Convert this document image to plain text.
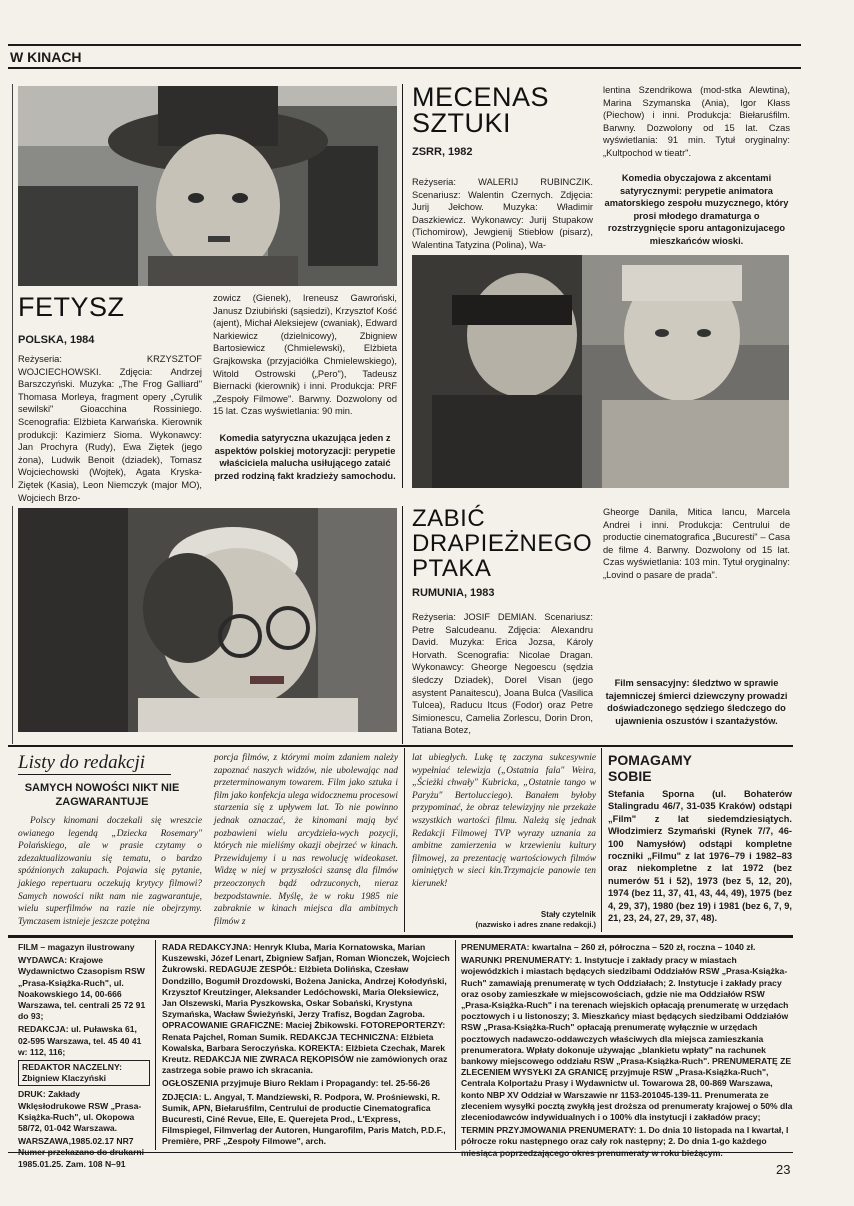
W KINACH
MECENAS
SZTUKI
ZSRR, 1982
Reżyseria: WALERIJ RUBINCZIK. Scenariusz: Walentin Czernych. Zdjęcia: Jurij Jełchow. Muzyka: Władimir Daszkiewicz. Wykonawcy: Jurij Stupakow (Tichomirow), Jewgienij Stiebłow (pisarz), Walentina Tatyzina (Polina), Wa-
lentina Szendrikowa (mod-stka Alewtina), Marina Szymanska (Ania), Igor Kłass (Piechow) i inni. Produkcja: Biełaruśfilm. Barwny. Dozwolony od 15 lat. Czas wyświetlania: 91 min. Tytuł oryginalny: „Kultpochod w tieatr".
Komedia obyczajowa z akcentami satyrycznymi: perypetie animatora amatorskiego zespołu muzycznego, który prosi młodego dramaturga o rozstrzygnięcie sporu antagonizujacego mieszkańców wioski.
FETYSZ
POLSKA, 1984
Reżyseria: KRZYSZTOF WOJCIECHOWSKI. Zdjęcia: Andrzej Barszczyński. Muzyka: „The Frog Galliard" Thomasa Morleya, fragment opery „Cyrulik sewilski" Gioacchina Rossiniego. Scenografia: Elżbieta Karwańska. Kierownik produkcji: Kazimierz Sioma. Wykonawcy: Jan Prochyra (Rudy), Ewa Ziętek (jego żona), Ludwik Benoit (dziadek), Tomasz Wojciechowski (Wojtek), Agata Kryska-Ziętek (Kasia), Leon Niemczyk (major MO), Wojciech Brzo-
zowicz (Gienek), Ireneusz Gawroński, Janusz Dziubiński (sąsiedzi), Krzysztof Kość (ajent), Michał Aleksiejew (cwaniak), Edward Narkiewicz (dzielnicowy), Zbigniew Bartosiewicz (Chmielewski), Elżbieta Grajkowska (przyjaciółka Chmielewskiego), Witold Ostrowski („Pero"), Tadeusz Biernacki (kierownik) i inni. Produkcja: PRF „Zespoły Filmowe". Barwny. Dozwolony od 15 lat. Czas wyświetlania: 90 min.
Komedia satyryczna ukazująca jeden z aspektów polskiej motoryzacji: perypetie właściciela malucha usiłującego zataić przed rodziną fakt kradzieży samochodu.
ZABIĆ
DRAPIEŻNEGO
PTAKA
RUMUNIA, 1983
Reżyseria: JOSIF DEMIAN. Scenariusz: Petre Salcudeanu. Zdjęcia: Alexandru David. Muzyka: Erica Jozsa, Károly Horvath. Scenografia: Nicolae Dragan. Wykonawcy: Gheorge Negoescu (sędzia śledczy Dziadek), Dorel Visan (jego asystent Panaitescu), Joana Bulca (Vasilica Tulcea), Raducu Itcus (Fodor) oraz Petre Simionescu, Camelia Zorlescu, Dorin Dron, Tatiana Botez,
Gheorge Danila, Mitica Iancu, Marcela Andrei i inni. Produkcja: Centrului de productie cinematografica „Bucuresti" – Casa de filme 4. Barwny. Dozwolony od 15 lat. Czas wyświetlania: 103 min. Tytuł oryginalny: „Lovind o pasare de prada".
Film sensacyjny: śledztwo w sprawie tajemniczej śmierci dziewczyny prowadzi doświadczonego sędziego śledczego do ujawnienia oszustów i szantażystów.
Listy do redakcji
SAMYCH NOWOŚCI NIKT NIE ZAGWARANTUJE
Polscy kinomani doczekali się wreszcie owianego legendą „Dziecka Rosemary" Polańskiego, ale w prasie czytamy o zdezaktualizowaniu się tematu, o bardzo spóźnionych zakupach. Pojawia się pytanie, jakiego repertuaru oczekują krytycy filmowi? Samych nowości nikt nam nie zagwarantuje, wielu superfilmów na razie nie obejrzymy. Tymczasem istnieje jeszcze potężna
porcja filmów, z którymi moim zdaniem należy zapoznać naszych widzów, nie ubolewając nad przeterminowanym towarem. Film jako sztuka i film jako konfekcja ulega widocznemu procesowi starzenia się z upływem lat. To nie powinno jednak oznaczać, że kinomani mają być pozbawieni wielu arcydzieła-wych pozycji, których nie mieliśmy okazji obejrzeć w kinach. Przewidujemy i u nas rewolucję wideokaset. Widzę w niej w przyszłości szansę dla filmów przeoczonych bądź odrzuconych, nieraz bezpodstawnie. Myślę, że w roku 1985 nie zabraknie w kinach miejsca dla ambitnych filmów z
lat ubiegłych. Lukę tę zaczyna sukcesywnie wypełniać telewizja („Ostatnia fala" Weira, „Ścieżki chwały" Kubricka, „Ostatnie tango w Paryżu" Bertolucciego). Banałem byłoby przypominać, że obraz telewizyjny nie przekaże wszystkich wartości filmu. Należą się jednak Redakcji Filmowej TVP wyrazy uznania za ambitne zamierzenia w krzewieniu kultury filmowej, za prezentację wartościowych filmów ominiętych w sieci kin.Trzymajcie panowie ten kierunek!
Stały czytelnik
(nazwisko i adres znane redakcji.)
POMAGAMY
SOBIE
Stefania Sporna (ul. Bohaterów Stalingradu 46/7, 31-035 Kraków) odstąpi „Film" z lat siedemdziesiątych. Włodzimierz Szymański (Rynek 7/7, 46-100 Namysłów) odstąpi kompletne roczniki „Filmu" z lat 1976–79 i 1982–83 oraz niekompletne z lat 1972 (bez numerów 51 i 52), 1973 (bez 5, 12, 20), 1974 (bez 11, 37, 41, 43, 44, 49), 1975 (bez 4, 29, 37), 1980 (bez 19) i 1981 (bez 6, 7, 9, 21, 23, 24, 27, 29, 37, 48).

FILM – magazyn ilustrowany

WYDAWCA: Krajowe Wydawnictwo Czasopism RSW „Prasa-Książka-Ruch", ul. Noakowskiego 14, 00-666 Warszawa, tel. centrali 25 72 91 do 93;

REDAKCJA: ul. Puławska 61, 02-595 Warszawa, tel. 45 40 41 w: 112, 116;

REDAKTOR NACZELNY:
Zbigniew Klaczyński

DRUK: Zakłady Wklęsłodrukowe RSW „Prasa-Książka-Ruch", ul. Okopowa 58/72, 01-042 Warszawa.

WARSZAWA,1985.02.17 NR7 Numer przekazano do drukarni 1985.01.25. Zam. 108 N–91

RADA REDAKCYJNA: Henryk Kluba, Maria Kornatowska, Marian Kuszewski, Józef Lenart, Zbigniew Safjan, Roman Wionczek, Wojciech Żukrowski. REDAGUJE ZESPÓŁ: Elżbieta Dolińska, Czesław Dondzillo, Bogumił Drozdowski, Bożena Janicka, Andrzej Kołodyński, Krzysztof Kreutzinger, Aleksander Ledóchowski, Maria Oleksiewicz, Jan Olszewski, Maria Pyszkowska, Oskar Sobański, Krystyna Szymańska, Wacław Świeżyński, Jerzy Trafisz, Bogdan Zagroba. OPRACOWANIE GRAFICZNE: Maciej Żbikowski. FOTOREPORTERZY: Renata Pajchel, Roman Sumik. REDAKCJA TECHNICZNA: Elżbieta Kowalska, Barbara Seroczyńska. KOREKTA: Elżbieta Czechak, Marek Kreutz. REDAKCJA NIE ZWRACA RĘKOPISÓW nie zamówionych oraz zastrzega sobie prawo ich skracania.

OGŁOSZENIA przyjmuje Biuro Reklam i Propagandy: tel. 25-56-26

ZDJĘCIA: L. Angyal, T. Mandziewski, R. Podpora, W. Prośniewski, R. Sumik, APN, Biełaruśfilm, Centrului de productie Cinematografica Bucuresti, Ciné Revue, Elle, E. Querejeta Prod., L'Express, Filmspiegel, Filmverlag der Autoren, Hungarofilm, Paris Match, P.D.F., Première, PRF „Zespoły Filmowe", arch.

PRENUMERATA: kwartalna – 260 zł, półroczna – 520 zł, roczna – 1040 zł.

WARUNKI PRENUMERATY: 1. Instytucje i zakłady pracy w miastach wojewódzkich i miastach będących siedzibami Oddziałów RSW „Prasa-Książka-Ruch" zamawiają prenumeratę w tych Oddziałach; 2. Instytucje i zakłady pracy oraz osoby zamieszkałe w miejscowościach, gdzie nie ma Oddziałów RSW „Prasa-Książka-Ruch" i na terenach wiejskich opłacają prenumeratę w urzędach pocztowych i u listonoszy; 3. Mieszkańcy miast będących siedzibami Oddziałów RSW „Prasa-Książka-Ruch" opłacają prenumeratę wyłącznie w urzędach pocztowych nadawczo-oddawczych właściwych dla miejsca zamieszkania prenumeratora. Wpłaty dokonuje używając „blankietu wpłaty" na rachunek bankowy miejscowego oddziału RSW „Prasa-Książka-Ruch". PRENUMERATĘ ZE ZLECENIEM WYSYŁKI ZA GRANICĘ przyjmuje RSW „Prasa-Książka-Ruch", Centrala Kolportażu Prasy i Wydawnictw ul. Towarowa 28, 00-869 Warszawa, konto NBP XV Oddział w Warszawie nr 1153-201045-139-11. Prenumerata ze zleceniem wysyłki pocztą zwykłą jest droższa od prenumeraty krajowej o 50% dla zleceniodawców indywidualnych i o 100% dla instytucji i zakładów pracy;

TERMIN PRZYJMOWANIA PRENUMERATY: 1. Do dnia 10 listopada na I kwartał, I półrocze roku następnego oraz cały rok następny; 2. Do dnia 1-go każdego miesiąca poprzedzającego okres prenumeraty w roku bieżącym.

23
